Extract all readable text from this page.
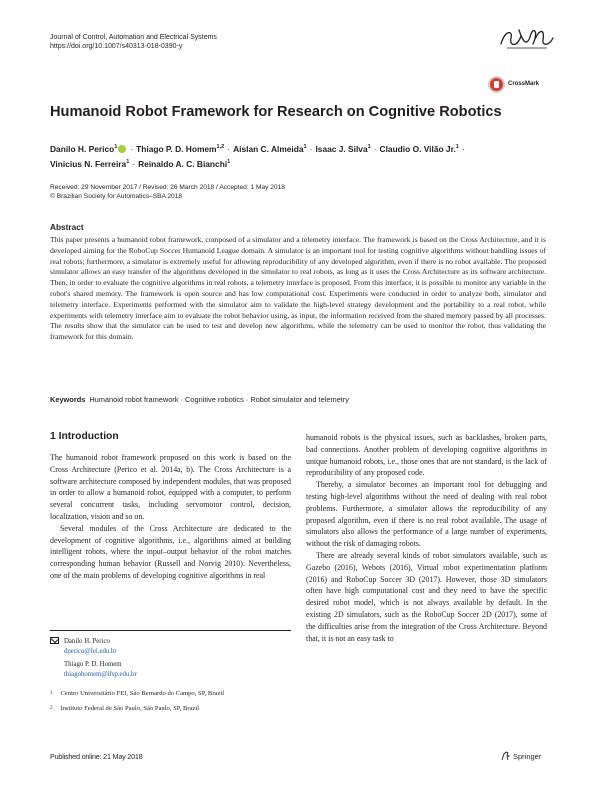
Journal of Control, Automation and Electrical Systems
https://doi.org/10.1007/s40313-018-0390-y
CrossMark
Humanoid Robot Framework for Research on Cognitive Robotics
Danilo H. Perico$^1$ · Thiago P. D. Homem$^{1,2}$ · Aislan C. Almeida$^1$ · Isaac J. Silva$^1$ · Claudio O. Vilão Jr.$^1$ ·
Vinicius N. Ferreira$^1$ · Reinaldo A. C. Bianchi$^1$
Received: 29 November 2017 / Revised: 26 March 2018 / Accepted: 1 May 2018
© Brazilian Society for Automatics–SBA 2018
Abstract
This paper presents a humanoid robot framework, composed of a simulator and a telemetry interface. The framework is based on the Cross Architecture, and it is developed aiming for the RoboCup Soccer Humanoid League domain. A simulator is an important tool for testing cognitive algorithms without handling issues of real robots; furthermore, a simulator is extremely useful for allowing reproducibility of any developed algorithm, even if there is no robot available. The proposed simulator allows an easy transfer of the algorithms developed in the simulator to real robots, as long as it uses the Cross Architecture as its software architecture. Then, in order to evaluate the cognitive algorithms in real robots, a telemetry interface is proposed. From this interface, it is possible to monitor any variable in the robot's shared memory. The framework is open source and has low computational cost. Experiments were conducted in order to analyze both, simulator and telemetry interface. Experiments performed with the simulator aim to validate the high-level strategy development and the portability to a real robot, while experiments with telemetry interface aim to evaluate the robot behavior using, as input, the information received from the shared memory passed by all processes. The results show that the simulator can be used to test and develop new algorithms, while the telemetry can be used to monitor the robot, thus validating the framework for this domain.
Keywords Humanoid robot framework · Cognitive robotics · Robot simulator and telemetry
1 Introduction

The humanoid robot framework proposed on this work is based on the Cross Architecture (Perico et al. 2014a, b). The Cross Architecture is a software architecture composed by independent modules, that was proposed in order to allow a humanoid robot, equipped with a computer, to perform several concurrent tasks, including servomotor control, decision, localization, vision and so on.

Several modules of the Cross Architecture are dedicated to the development of cognitive algorithms, i.e., algorithms aimed at building intelligent robots, where the input–output behavior of the robot matches corresponding human behavior (Russell and Norvig 2010). Nevertheless, one of the main problems of developing cognitive algorithms in real

humanoid robots is the physical issues, such as backlashes, broken parts, bad connections. Another problem of developing cognitive algorithms in unique humanoid robots, i.e., those ones that are not standard, is the lack of reproducibility of any proposed code.

Thereby, a simulator becomes an important tool for debugging and testing high-level algorithms without the need of dealing with real robot problems. Furthermore, a simulator allows the reproducibility of any proposed algorithm, even if there is no real robot available. The usage of simulators also allows the performance of a large number of experiments, without the risk of damaging robots.

There are already several kinds of robot simulators available, such as Gazebo (2016), Webots (2016), Virtual robot experimentation platform (2016) and RoboCup Soccer 3D (2017). However, those 3D simulators often have high computational cost and they need to have the specific desired robot model, which is not always available by default. In the existing 2D simulators, such as the RoboCup Soccer 2D (2017), some of the difficulties arise from the integration of the Cross Architecture. Beyond that, it is not an easy task to

Danilo H. Perico
dperico@fei.edu.br
Thiago P. D. Homem
thiagohomem@ifsp.edu.br
1 Centro Universitário FEI, São Bernardo do Campo, SP, Brazil
2 Instituto Federal de São Paulo, São Paulo, SP, Brazil
Published online: 21 May 2018	Springer
